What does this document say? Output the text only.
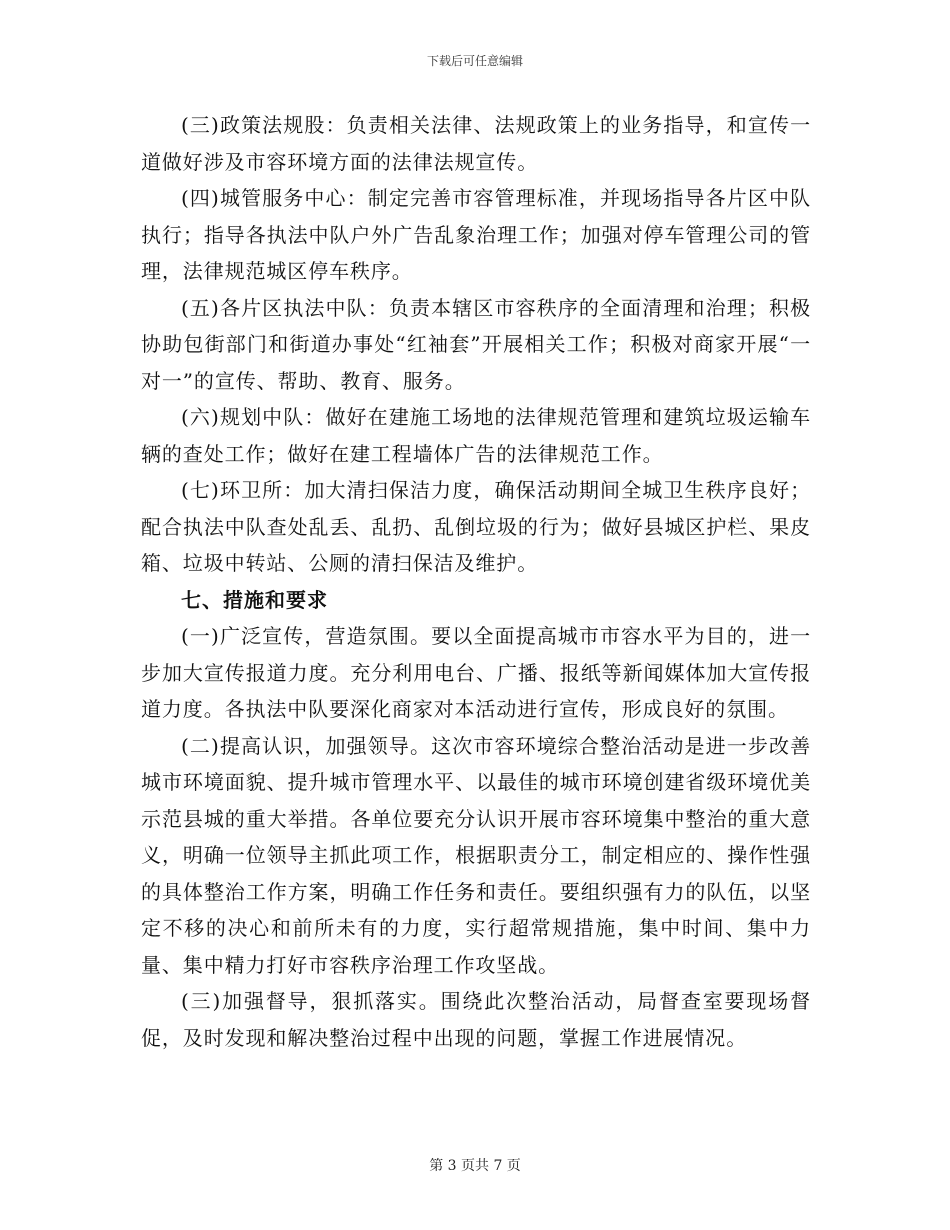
下载后可任意编辑

(三)政策法规股：负责相关法律、法规政策上的业务指导，和宣传一道做好涉及市容环境方面的法律法规宣传。

(四)城管服务中心：制定完善市容管理标准，并现场指导各片区中队执行；指导各执法中队户外广告乱象治理工作；加强对停车管理公司的管理，法律规范城区停车秩序。

(五)各片区执法中队：负责本辖区市容秩序的全面清理和治理；积极协助包街部门和街道办事处“红袖套”开展相关工作；积极对商家开展“一对一”的宣传、帮助、教育、服务。

(六)规划中队：做好在建施工场地的法律规范管理和建筑垃圾运输车辆的查处工作；做好在建工程墙体广告的法律规范工作。

(七)环卫所：加大清扫保洁力度，确保活动期间全城卫生秩序良好；配合执法中队查处乱丢、乱扔、乱倒垃圾的行为；做好县城区护栏、果皮箱、垃圾中转站、公厕的清扫保洁及维护。

七、措施和要求

(一)广泛宣传，营造氛围。要以全面提高城市市容水平为目的，进一步加大宣传报道力度。充分利用电台、广播、报纸等新闻媒体加大宣传报道力度。各执法中队要深化商家对本活动进行宣传，形成良好的氛围。

(二)提高认识，加强领导。这次市容环境综合整治活动是进一步改善城市环境面貌、提升城市管理水平、以最佳的城市环境创建省级环境优美示范县城的重大举措。各单位要充分认识开展市容环境集中整治的重大意义，明确一位领导主抓此项工作，根据职责分工，制定相应的、操作性强的具体整治工作方案，明确工作任务和责任。要组织强有力的队伍，以坚定不移的决心和前所未有的力度，实行超常规措施，集中时间、集中力量、集中精力打好市容秩序治理工作攻坚战。

(三)加强督导，狠抓落实。围绕此次整治活动，局督查室要现场督促，及时发现和解决整治过程中出现的问题，掌握工作进展情况。

第 3 页共 7 页
